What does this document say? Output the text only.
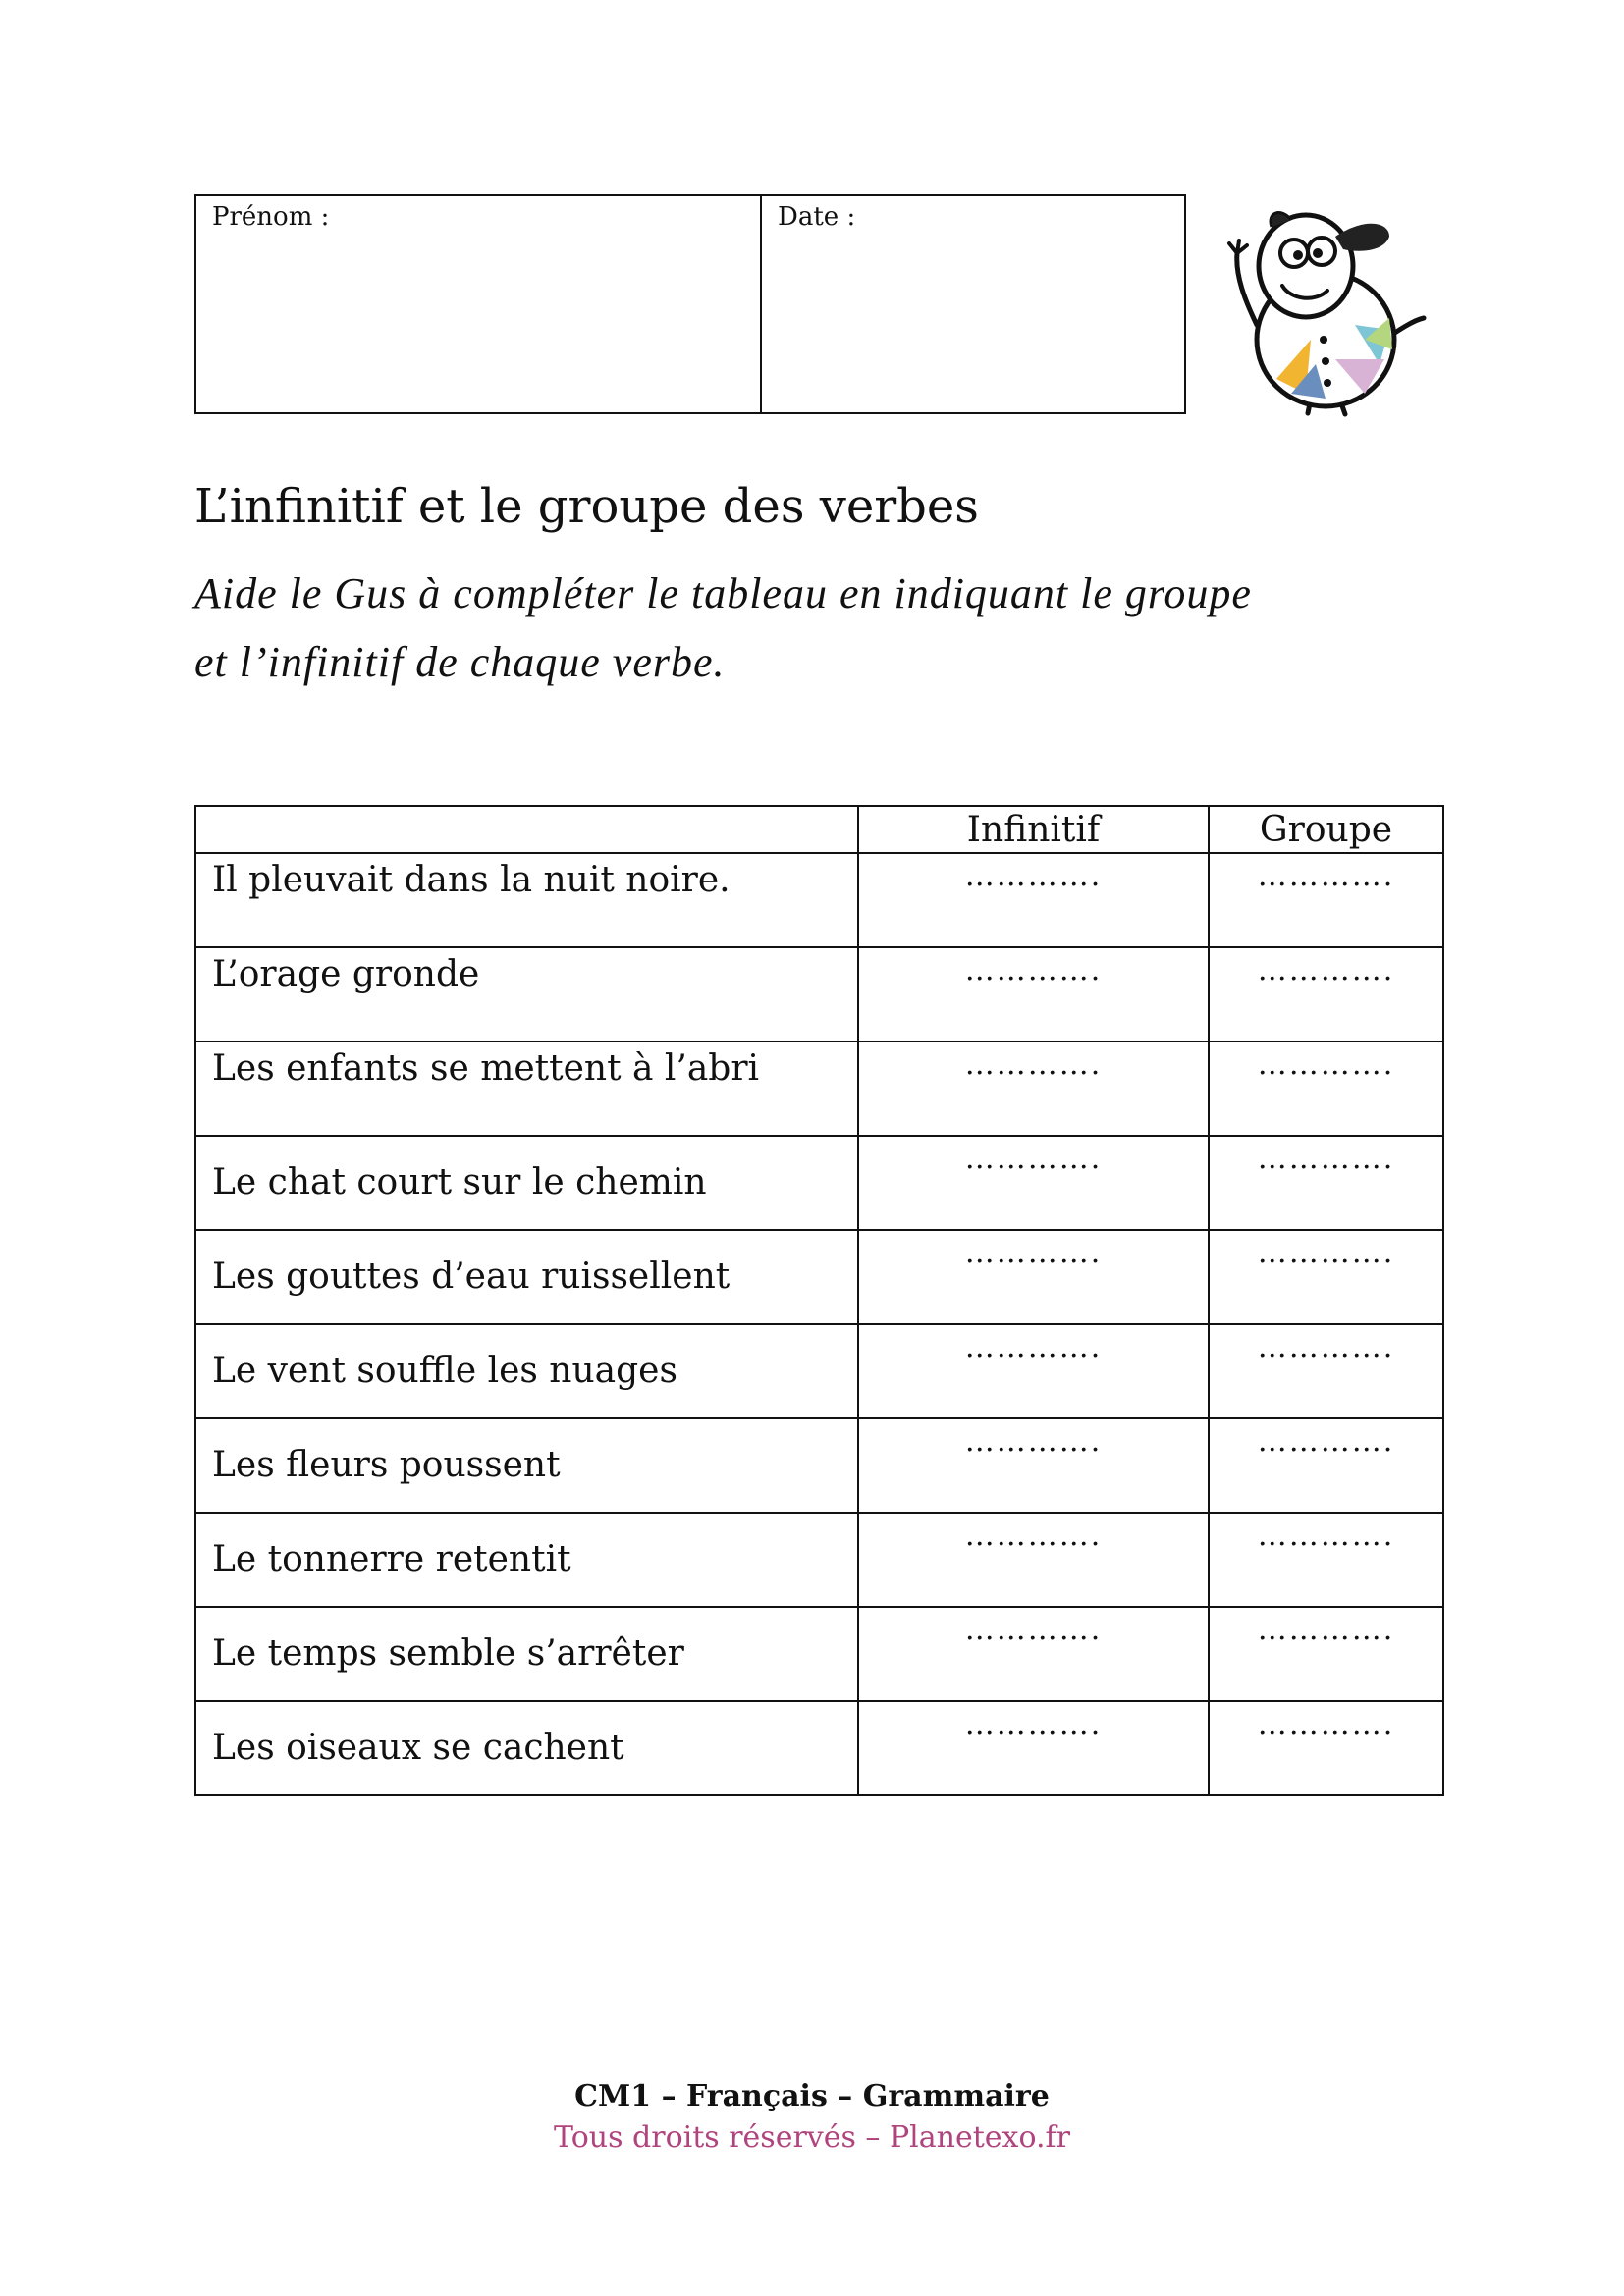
Prénom :	Date :
L’infinitif et le groupe des verbes
Aide le Gus à compléter le tableau en indiquant le groupe
et l’infinitif de chaque verbe.
	Infinitif	Groupe

Il pleuvait dans la nuit noire.	………….	………….

L’orage gronde	………….	………….

Les enfants se mettent à l’abri	………….	………….

Le chat court sur le chemin	………….	………….

Les gouttes d’eau ruissellent	………….	………….

Le vent souffle les nuages	………….	………….

Les fleurs poussent	………….	………….

Le tonnerre retentit	………….	………….

Le temps semble s’arrêter	………….	………….

Les oiseaux se cachent	………….	………….
CM1 – Français – Grammaire
Tous droits réservés – Planetexo.fr
